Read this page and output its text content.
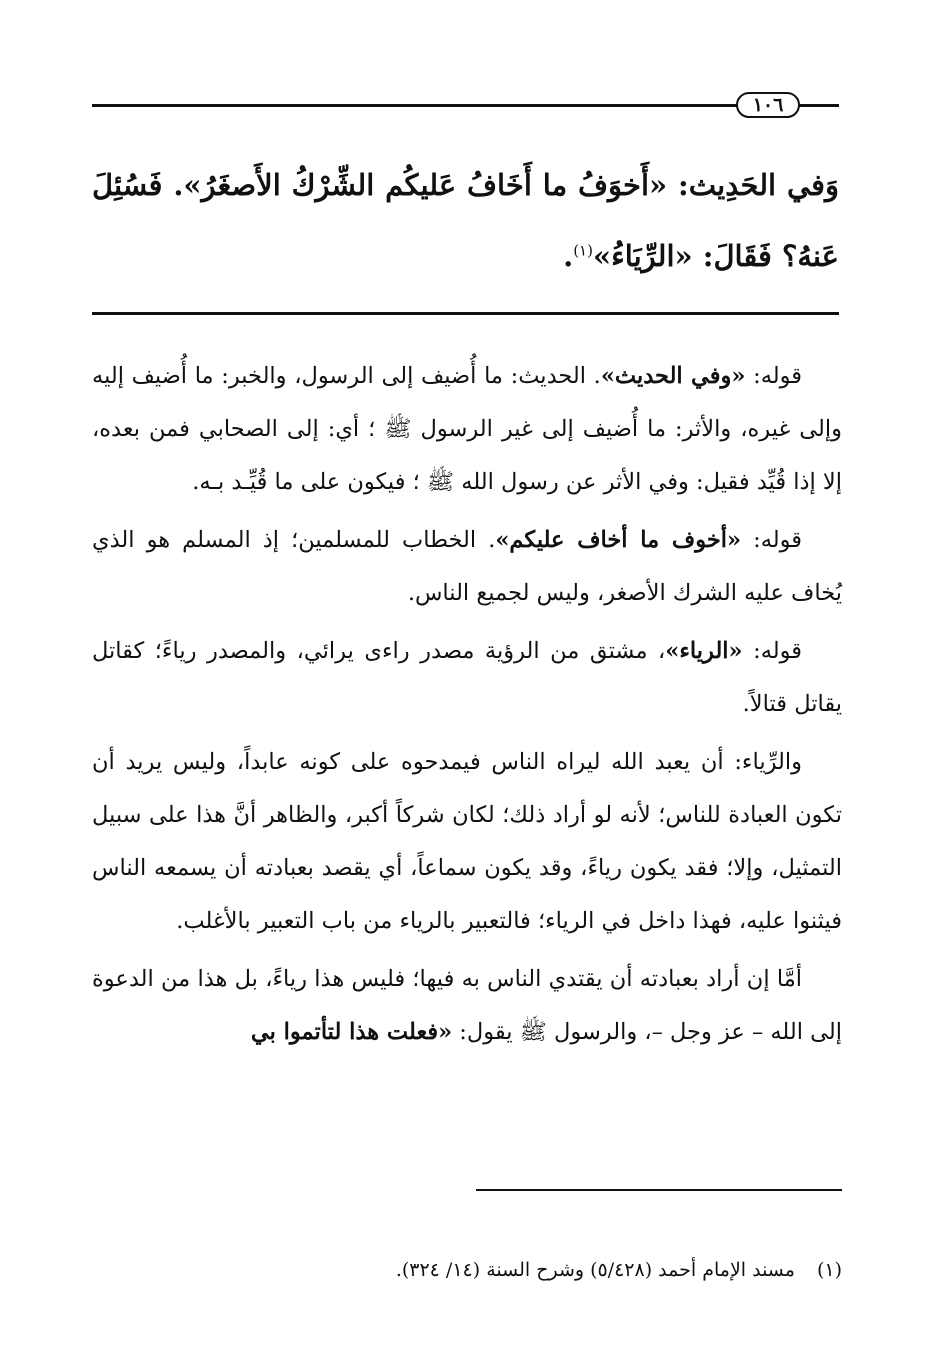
١٠٦
وَفي الحَدِيث: «أَخوَفُ ما أَخَافُ عَليكُم الشِّرْكُ الأَصغَرُ». فَسُئِلَ عَنهُ؟ فَقَالَ: «الرِّيَاءُ»$^{(١)}$.

قوله: «وفي الحديث». الحديث: ما أُضيف إلى الرسول، والخبر: ما أُضيف إليه وإلى غيره، والأثر: ما أُضيف إلى غير الرسول ﷺ ؛ أي: إلى الصحابي فمن بعده، إلا إذا قُيِّد فقيل: وفي الأثر عن رسول الله ﷺ ؛ فيكون على ما قُيِّـد بـه.

قوله: «أخوف ما أخاف عليكم». الخطاب للمسلمين؛ إذ المسلم هو الذي يُخاف عليه الشرك الأصغر، وليس لجميع الناس.

قوله: «الرياء»، مشتق من الرؤية مصدر راءى يرائي، والمصدر رياءً؛ كقاتل يقاتل قتالاً.

والرِّياء: أن يعبد الله ليراه الناس فيمدحوه على كونه عابداً، وليس يريد أن تكون العبادة للناس؛ لأنه لو أراد ذلك؛ لكان شركاً أكبر، والظاهر أنَّ هذا على سبيل التمثيل، وإلا؛ فقد يكون رياءً، وقد يكون سماعاً، أي يقصد بعبادته أن يسمعه الناس فيثنوا عليه، فهذا داخل في الرياء؛ فالتعبير بالرياء من باب التعبير بالأغلب.

أمَّا إن أراد بعبادته أن يقتدي الناس به فيها؛ فليس هذا رياءً، بل هذا من الدعوة إلى الله – عز وجل –، والرسول ﷺ يقول: «فعلت هذا لتأتموا بي

(١)مسند الإمام أحمد (٥/٤٢٨) وشرح السنة (١٤/ ٣٢٤).
